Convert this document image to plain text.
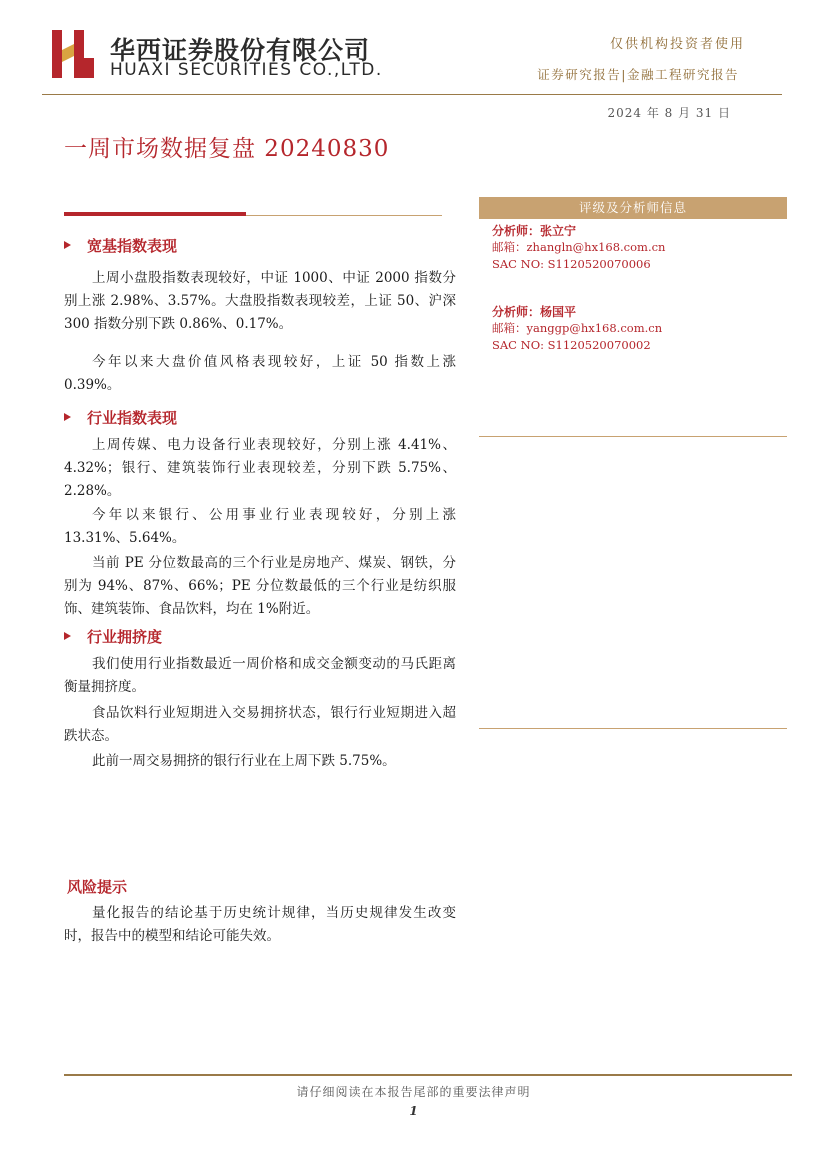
华西证券股份有限公司
HUAXI SECURITIES CO.,LTD.
仅供机构投资者使用
证券研究报告|金融工程研究报告
2024 年 8 月 31 日
一周市场数据复盘 20240830
宽基指数表现
上周小盘股指数表现较好，中证 1000、中证 2000 指数分别上涨 2.98%、3.57%。大盘股指数表现较差，上证 50、沪深 300 指数分别下跌 0.86%、0.17%。
今年以来大盘价值风格表现较好，上证 50 指数上涨 0.39%。
行业指数表现
上周传媒、电力设备行业表现较好，分别上涨 4.41%、4.32%；银行、建筑装饰行业表现较差，分别下跌 5.75%、2.28%。
今年以来银行、公用事业行业表现较好，分别上涨 13.31%、5.64%。
当前 PE 分位数最高的三个行业是房地产、煤炭、钢铁，分别为 94%、87%、66%；PE 分位数最低的三个行业是纺织服饰、建筑装饰、食品饮料，均在 1%附近。
行业拥挤度
我们使用行业指数最近一周价格和成交金额变动的马氏距离衡量拥挤度。
食品饮料行业短期进入交易拥挤状态，银行行业短期进入超跌状态。
此前一周交易拥挤的银行行业在上周下跌 5.75%。
风险提示
量化报告的结论基于历史统计规律，当历史规律发生改变时，报告中的模型和结论可能失效。
评级及分析师信息
分析师：张立宁
邮箱：zhangln@hx168.com.cn
SAC NO: S1120520070006
分析师：杨国平
邮箱：yanggp@hx168.com.cn
SAC NO: S1120520070002
请仔细阅读在本报告尾部的重要法律声明
1
